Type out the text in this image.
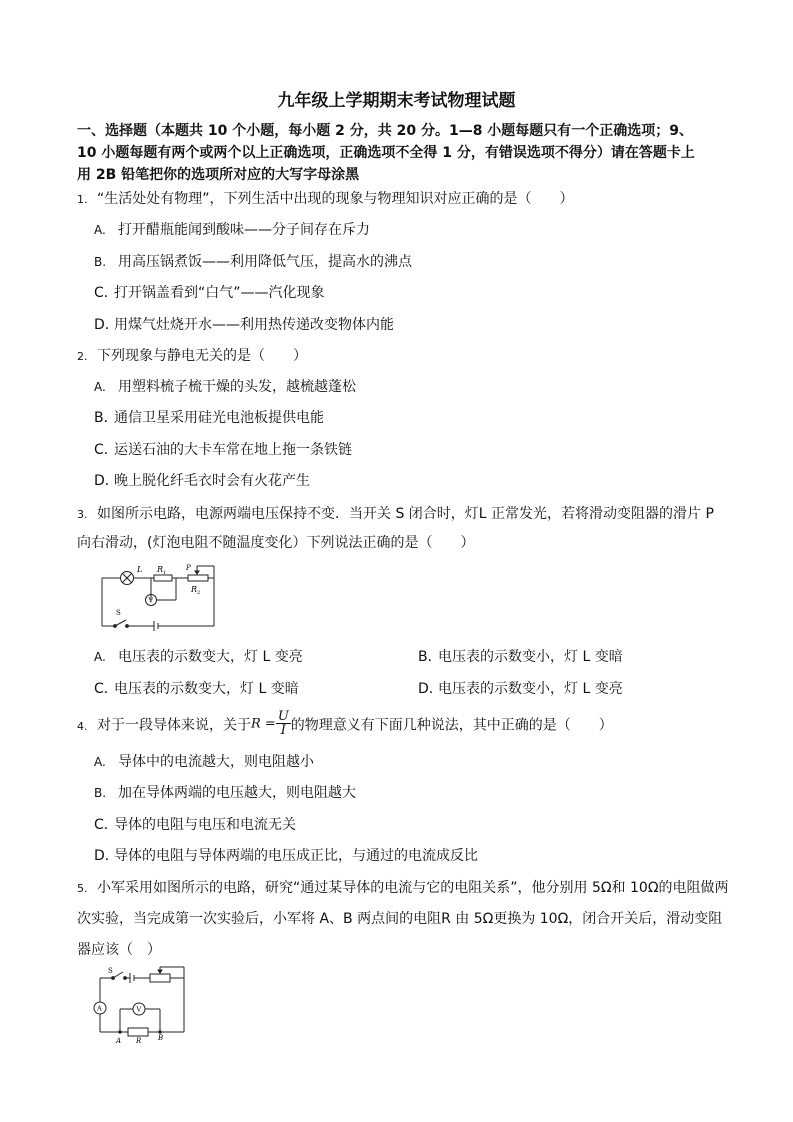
九年级上学期期末考试物理试题
一、选择题（本题共 10 个小题，每小题 2 分，共 20 分。1—8 小题每题只有一个正确选项；9、
10 小题每题有两个或两个以上正确选项，正确选项不全得 1 分，有错误选项不得分）请在答题卡上
用 2B 铅笔把你的选项所对应的大写字母涂黑
1. “生活处处有物理”，下列生活中出现的现象与物理知识对应正确的是（　　）
A. 打开醋瓶能闻到酸味——分子间存在斥力
B. 用高压锅煮饭——利用降低气压，提高水的沸点
C．打开锅盖看到“白气”——汽化现象
D．用煤气灶烧开水——利用热传递改变物体内能
2. 下列现象与静电无关的是（　　）
A. 用塑料梳子梳干燥的头发，越梳越蓬松
B．通信卫星采用硅光电池板提供电能
C．运送石油的大卡车常在地上拖一条铁链
D．晚上脱化纤毛衣时会有火花产生
3. 如图所示电路，电源两端电压保持不变．当开关 S 闭合时，灯L 正常发光，若将滑动变阻器的滑片 P
向右滑动，(灯泡电阻不随温度变化）下列说法正确的是（　　）
L R 1
P
R 2
V
S
A. 电压表的示数变大，灯 L 变亮	B．电压表的示数变小，灯 L 变暗
C．电压表的示数变大，灯 L 变暗	D．电压表的示数变小，灯 L 变亮
4. 对于一段导体来说，关于$R = \frac{U}{I}$ 的物理意义有下面几种说法，其中正确的是（　　）
A. 导体中的电流越大，则电阻越小
B. 加在导体两端的电压越大，则电阻越大
C．导体的电阻与电压和电流无关
D．导体的电阻与导体两端的电压成正比，与通过的电流成反比
5. 小军采用如图所示的电路，研究“通过某导体的电流与它的电阻关系”，他分别用 5Ω和 10Ω的电阻做两
次实验，当完成第一次实验后，小军将 A、B 两点间的电阻R 由 5Ω更换为 10Ω，闭合开关后，滑动变阻
器应该（　）
S
A	V
A R B
